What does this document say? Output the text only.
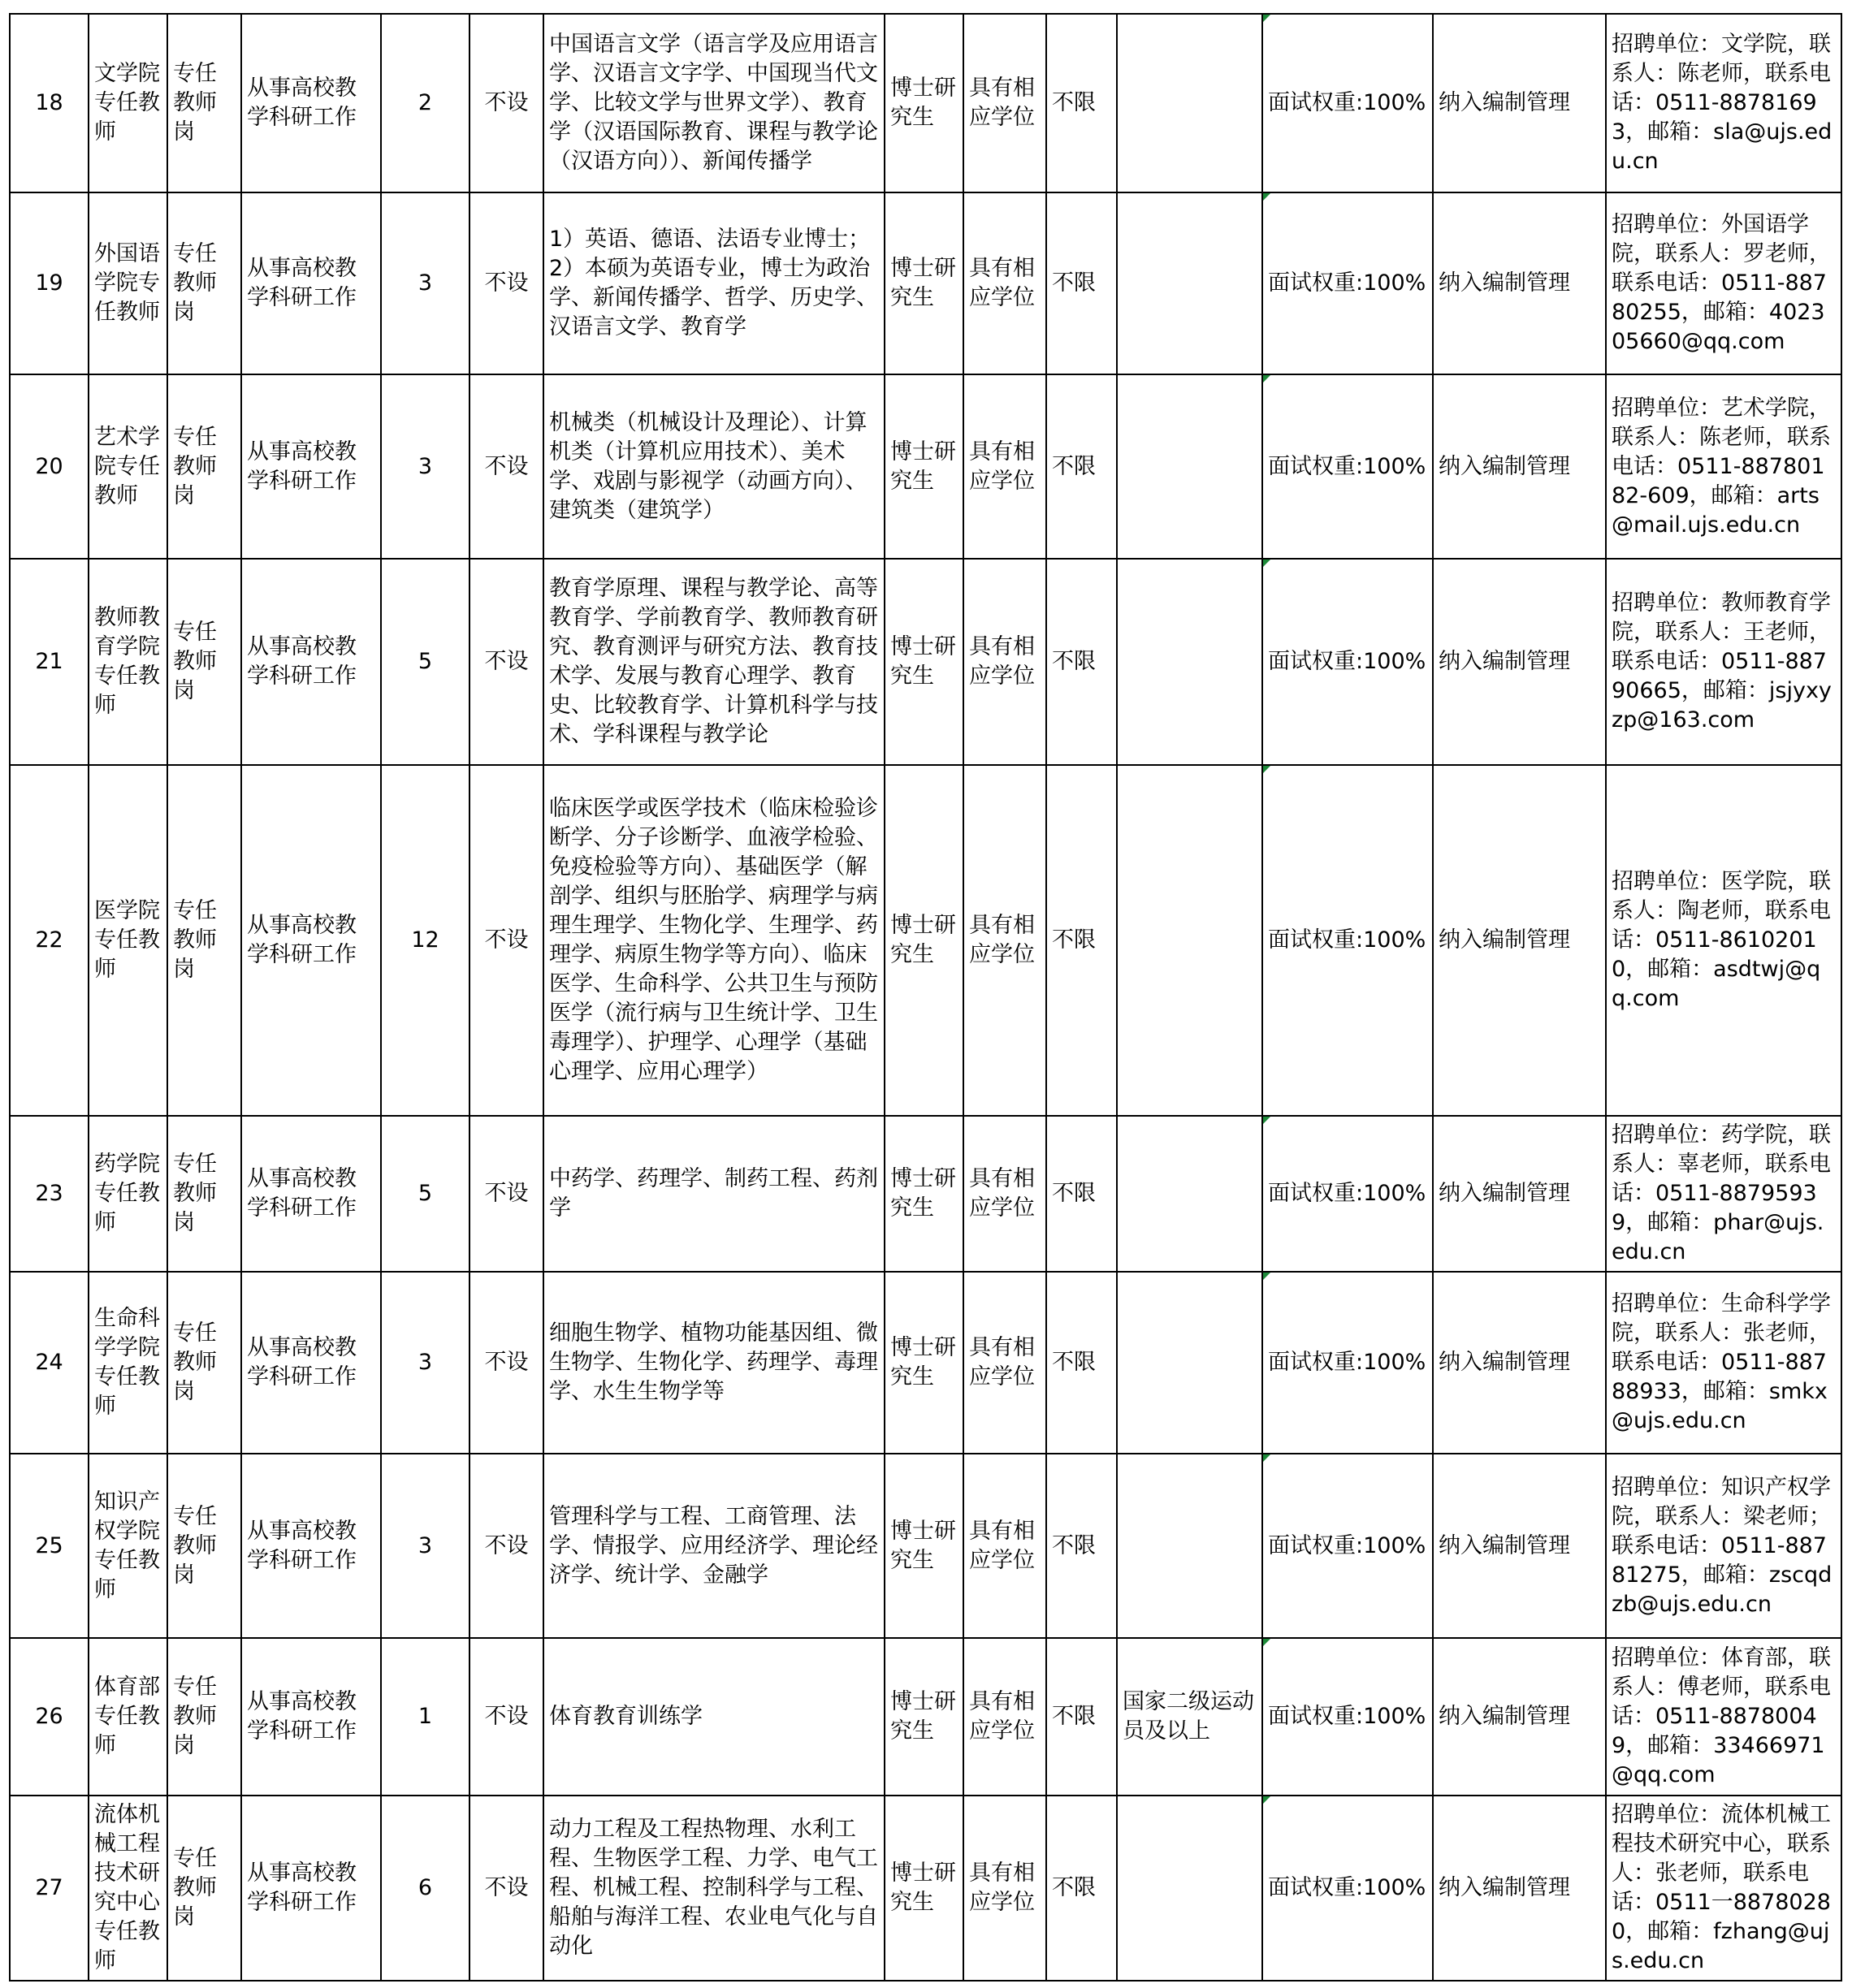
18	文学院专任教师	专任教师岗	从事高校教学科研工作	2	不设	中国语言文学（语言学及应用语言学、汉语言文字学、中国现当代文学、比较文学与世界文学）、教育学（汉语国际教育、课程与教学论（汉语方向））、新闻传播学	博士研究生	具有相应学位	不限		面试权重:100%	纳入编制管理	招聘单位：文学院，联系人：陈老师，联系电话：0511-88781693，邮箱：sla@ujs.edu.cn
19	外国语学院专任教师	专任教师岗	从事高校教学科研工作	3	不设	1）英语、德语、法语专业博士；2）本硕为英语专业，博士为政治学、新闻传播学、哲学、历史学、汉语言文学、教育学	博士研究生	具有相应学位	不限		面试权重:100%	纳入编制管理	招聘单位：外国语学院，联系人：罗老师，联系电话：0511-88780255，邮箱：402305660@qq.com
20	艺术学院专任教师	专任教师岗	从事高校教学科研工作	3	不设	机械类（机械设计及理论）、计算机类（计算机应用技术）、美术学、戏剧与影视学（动画方向）、建筑类（建筑学）	博士研究生	具有相应学位	不限		面试权重:100%	纳入编制管理	招聘单位：艺术学院，联系人：陈老师，联系电话：0511-88780182-609，邮箱：arts@mail.ujs.edu.cn
21	教师教育学院专任教师	专任教师岗	从事高校教学科研工作	5	不设	教育学原理、课程与教学论、高等教育学、学前教育学、教师教育研究、教育测评与研究方法、教育技术学、发展与教育心理学、教育史、比较教育学、计算机科学与技术、学科课程与教学论	博士研究生	具有相应学位	不限		面试权重:100%	纳入编制管理	招聘单位：教师教育学院，联系人：王老师，联系电话：0511-88790665，邮箱：jsjyxyzp@163.com
22	医学院专任教师	专任教师岗	从事高校教学科研工作	12	不设	临床医学或医学技术（临床检验诊断学、分子诊断学、血液学检验、免疫检验等方向）、基础医学（解剖学、组织与胚胎学、病理学与病理生理学、生物化学、生理学、药理学、病原生物学等方向）、临床医学、生命科学、公共卫生与预防医学（流行病与卫生统计学、卫生毒理学）、护理学、心理学（基础心理学、应用心理学）	博士研究生	具有相应学位	不限		面试权重:100%	纳入编制管理	招聘单位：医学院，联系人：陶老师，联系电话：0511-86102010，邮箱：asdtwj@qq.com
23	药学院专任教师	专任教师岗	从事高校教学科研工作	5	不设	中药学、药理学、制药工程、药剂学	博士研究生	具有相应学位	不限		面试权重:100%	纳入编制管理	招聘单位：药学院，联系人：辜老师，联系电话：0511-88795939，邮箱：phar@ujs.edu.cn
24	生命科学学院专任教师	专任教师岗	从事高校教学科研工作	3	不设	细胞生物学、植物功能基因组、微生物学、生物化学、药理学、毒理学、水生生物学等	博士研究生	具有相应学位	不限		面试权重:100%	纳入编制管理	招聘单位：生命科学学院，联系人：张老师，联系电话：0511-88788933，邮箱：smkx@ujs.edu.cn
25	知识产权学院专任教师	专任教师岗	从事高校教学科研工作	3	不设	管理科学与工程、工商管理、法学、情报学、应用经济学、理论经济学、统计学、金融学	博士研究生	具有相应学位	不限		面试权重:100%	纳入编制管理	招聘单位：知识产权学院，联系人：梁老师；联系电话：0511-88781275，邮箱：zscqdzb@ujs.edu.cn
26	体育部专任教师	专任教师岗	从事高校教学科研工作	1	不设	体育教育训练学	博士研究生	具有相应学位	不限	国家二级运动员及以上	面试权重:100%	纳入编制管理	招聘单位：体育部，联系人：傅老师，联系电话：0511-88780049，邮箱：33466971@qq.com
27	流体机械工程技术研究中心专任教师	专任教师岗	从事高校教学科研工作	6	不设	动力工程及工程热物理、水利工程、生物医学工程、力学、电气工程、机械工程、控制科学与工程、船舶与海洋工程、农业电气化与自动化	博士研究生	具有相应学位	不限		面试权重:100%	纳入编制管理	招聘单位：流体机械工程技术研究中心，联系人：张老师，联系电话：0511一88780280，邮箱：fzhang@ujs.edu.cn
